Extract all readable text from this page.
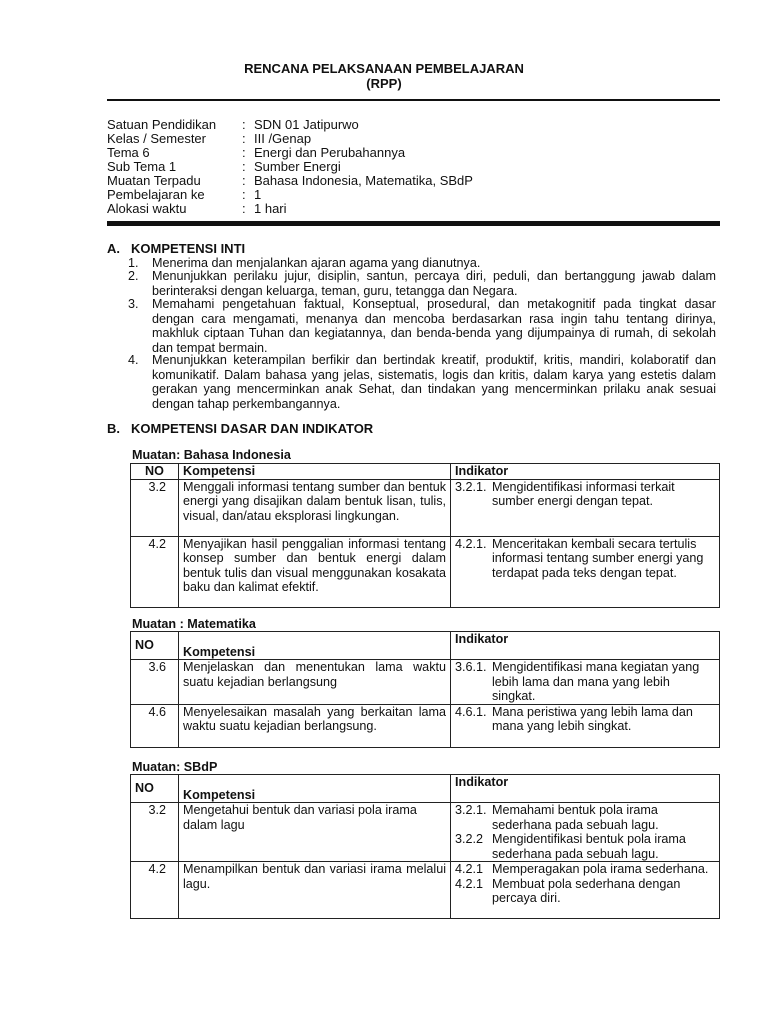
RENCANA PELAKSANAAN PEMBELAJARAN
(RPP)
Satuan Pendidikan : SDN 01 Jatipurwo
Kelas / Semester	: III /Genap
Tema 6	: Energi dan Perubahannya
Sub Tema 1	: Sumber Energi
Muatan Terpadu	: Bahasa Indonesia, Matematika, SBdP
Pembelajaran ke	: 1
Alokasi waktu	: 1 hari
A. KOMPETENSI INTI
1. Menerima dan menjalankan ajaran agama yang dianutnya.
2. Menunjukkan perilaku jujur, disiplin, santun, percaya diri, peduli, dan bertanggung jawab dalam berinteraksi dengan keluarga, teman, guru, tetangga dan Negara.
3. Memahami pengetahuan faktual, Konseptual, prosedural, dan metakognitif pada tingkat dasar dengan cara mengamati, menanya dan mencoba berdasarkan rasa ingin tahu tentang dirinya, makhluk ciptaan Tuhan dan kegiatannya, dan benda-benda yang dijumpainya di rumah, di sekolah dan tempat bermain.
4. Menunjukkan keterampilan berfikir dan bertindak kreatif, produktif, kritis, mandiri, kolaboratif dan komunikatif. Dalam bahasa yang jelas, sistematis, logis dan kritis, dalam karya yang estetis dalam gerakan yang mencerminkan anak Sehat, dan tindakan yang mencerminkan prilaku anak sesuai dengan tahap perkembangannya.
B. KOMPETENSI DASAR DAN INDIKATOR
Muatan: Bahasa Indonesia
NO	Kompetensi	Indikator
3.2	Menggali informasi tentang sumber dan bentuk energi yang disajikan dalam bentuk lisan, tulis, visual, dan/atau eksplorasi lingkungan.	3.2.1. Mengidentifikasi informasi terkait sumber energi dengan tepat.

4.2	Menyajikan hasil penggalian informasi tentang konsep sumber dan bentuk energi dalam bentuk tulis dan visual menggunakan kosakata baku dan kalimat efektif.	4.2.1. Menceritakan kembali secara tertulis informasi tentang sumber energi yang terdapat pada teks dengan tepat.
Muatan : Matematika
NO	Kompetensi	Indikator
3.6	Menjelaskan dan menentukan lama waktu suatu kejadian berlangsung	3.6.1. Mengidentifikasi mana kegiatan yang lebih lama dan mana yang lebih singkat.

4.6	Menyelesaikan masalah yang berkaitan lama waktu suatu kejadian berlangsung.	4.6.1. Mana peristiwa yang lebih lama dan mana yang lebih singkat.
Muatan: SBdP
NO	Kompetensi	Indikator
3.2	Mengetahui bentuk dan variasi pola irama dalam lagu	3.2.1. Memahami bentuk pola irama sederhana pada sebuah lagu.
3.2.2 Mengidentifikasi bentuk pola irama sederhana pada sebuah lagu.

4.2	Menampilkan bentuk dan variasi irama melalui lagu.	4.2.1 Memperagakan pola irama sederhana.
4.2.1 Membuat pola sederhana dengan percaya diri.
